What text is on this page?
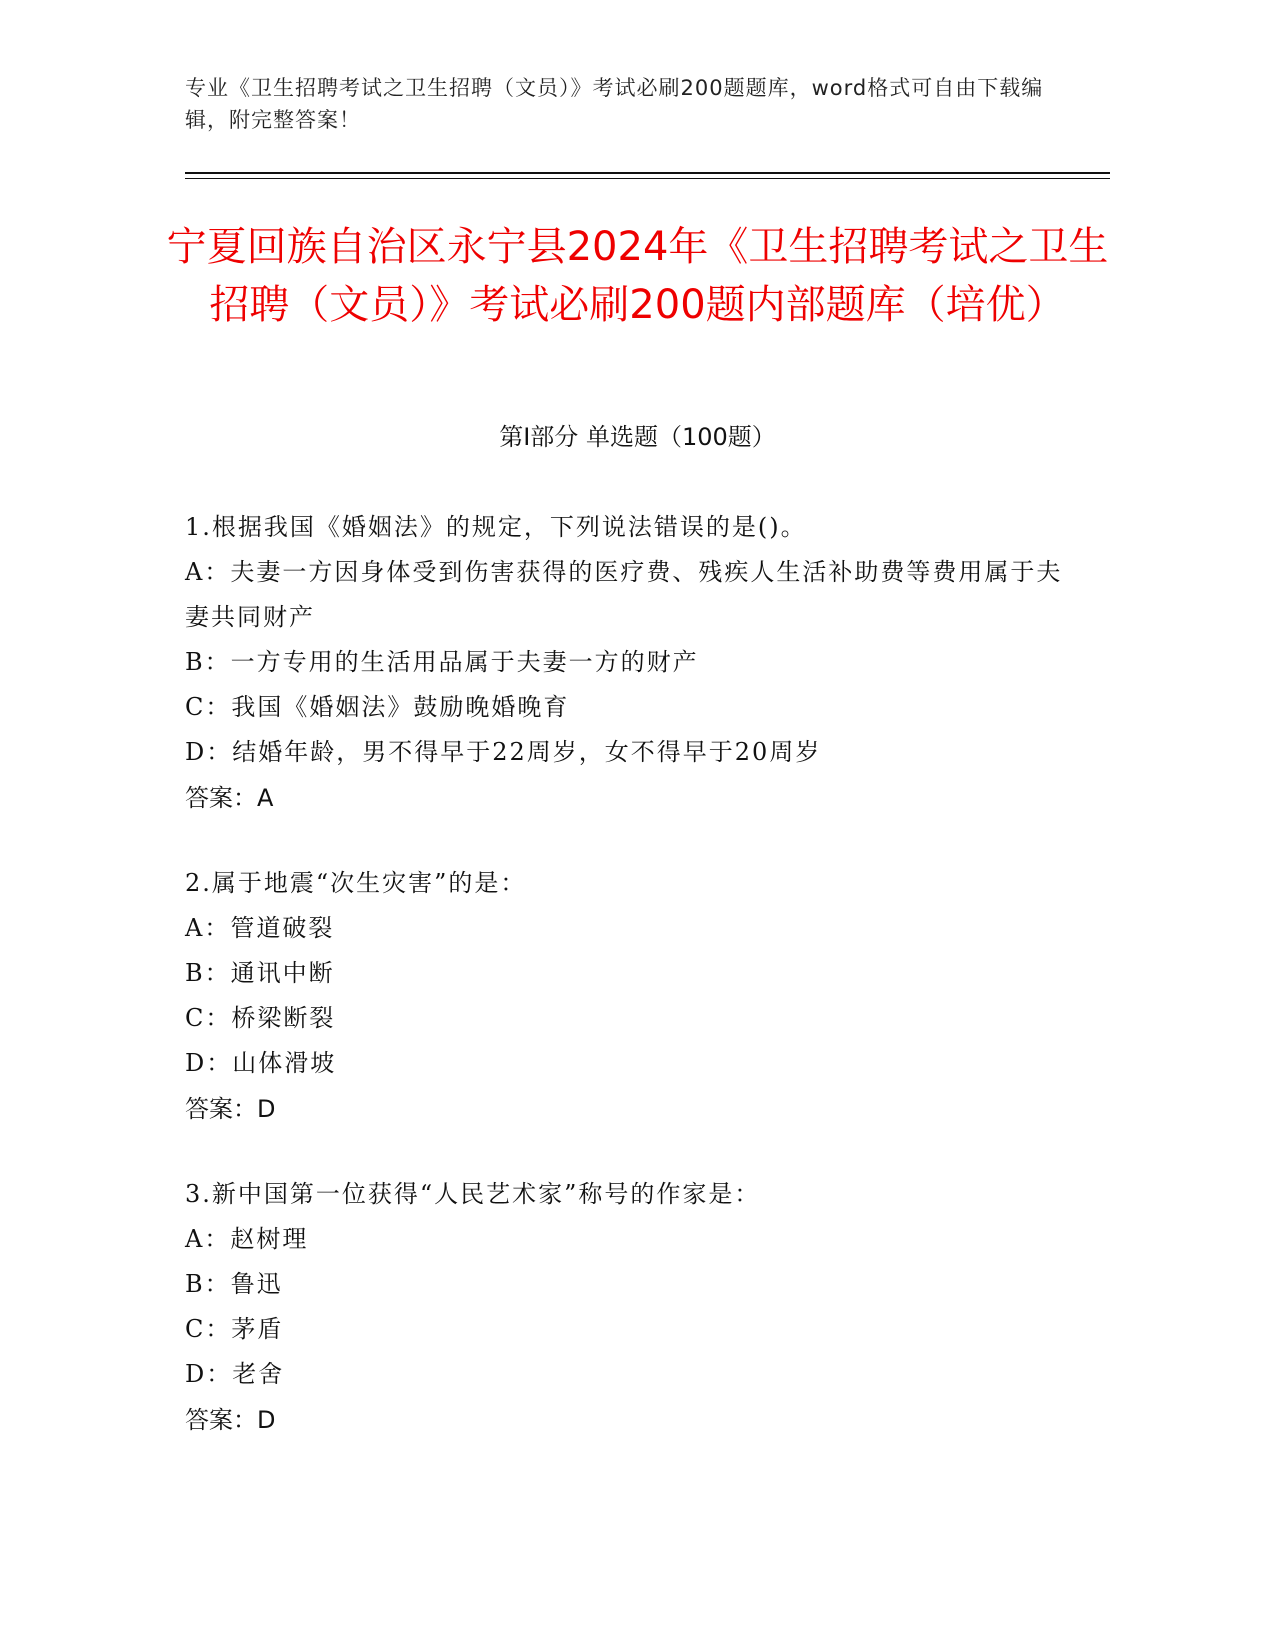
专业《卫生招聘考试之卫生招聘（文员）》考试必刷200题题库，word格式可自由下载编辑，附完整答案！
宁夏回族自治区永宁县2024年《卫生招聘考试之卫生招聘（文员）》考试必刷200题内部题库（培优）
第Ⅰ部分 单选题（100题）
1.根据我国《婚姻法》的规定，下列说法错误的是()。
A：夫妻一方因身体受到伤害获得的医疗费、残疾人生活补助费等费用属于夫妻共同财产
B：一方专用的生活用品属于夫妻一方的财产
C：我国《婚姻法》鼓励晚婚晚育
D：结婚年龄，男不得早于22周岁，女不得早于20周岁
答案：A
2.属于地震“次生灾害”的是：
A：管道破裂
B：通讯中断
C：桥梁断裂
D：山体滑坡
答案：D
3.新中国第一位获得“人民艺术家”称号的作家是：
A：赵树理
B：鲁迅
C：茅盾
D：老舍
答案：D
